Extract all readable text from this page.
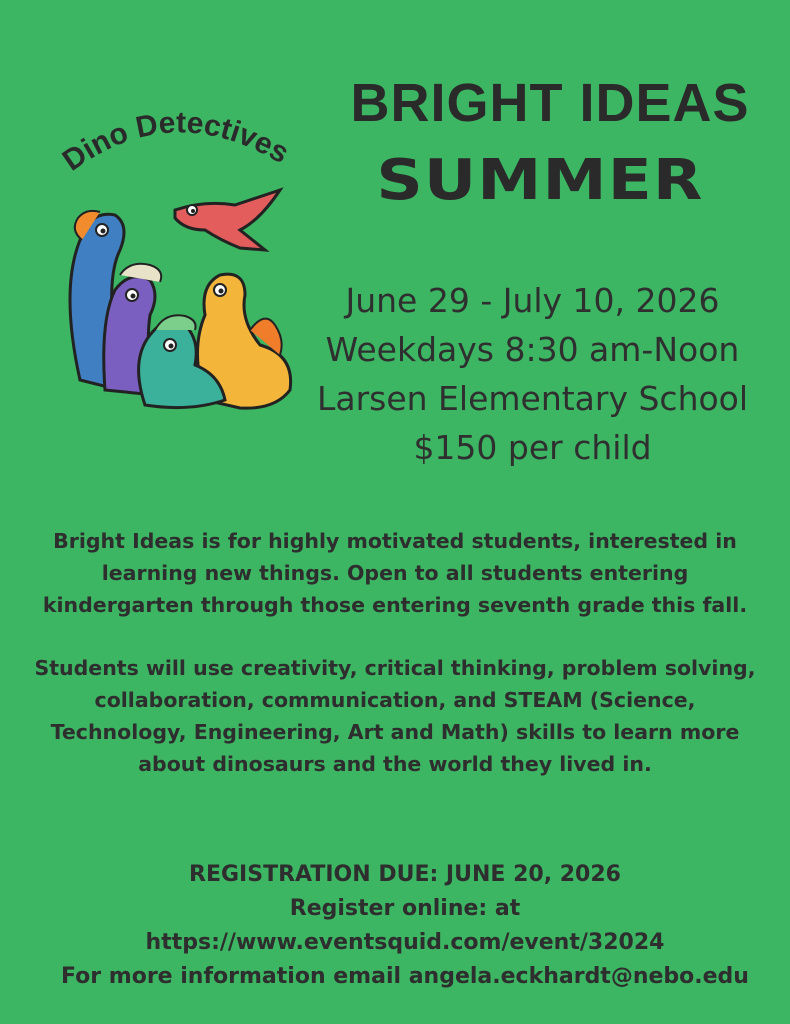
Dino Detectives
BRIGHT IDEAS
SUMMER
June 29 - July 10, 2026
Weekdays 8:30 am-Noon
Larsen Elementary School
$150 per child
Bright Ideas is for highly motivated students, interested in learning new things. Open to all students entering kindergarten through those entering seventh grade this fall.
Students will use creativity, critical thinking, problem solving, collaboration, communication, and STEAM (Science, Technology, Engineering, Art and Math) skills to learn more about dinosaurs and the world they lived in.
REGISTRATION DUE: JUNE 20, 2026
Register online: at
https://www.eventsquid.com/event/32024
For more information email angela.eckhardt@nebo.edu
